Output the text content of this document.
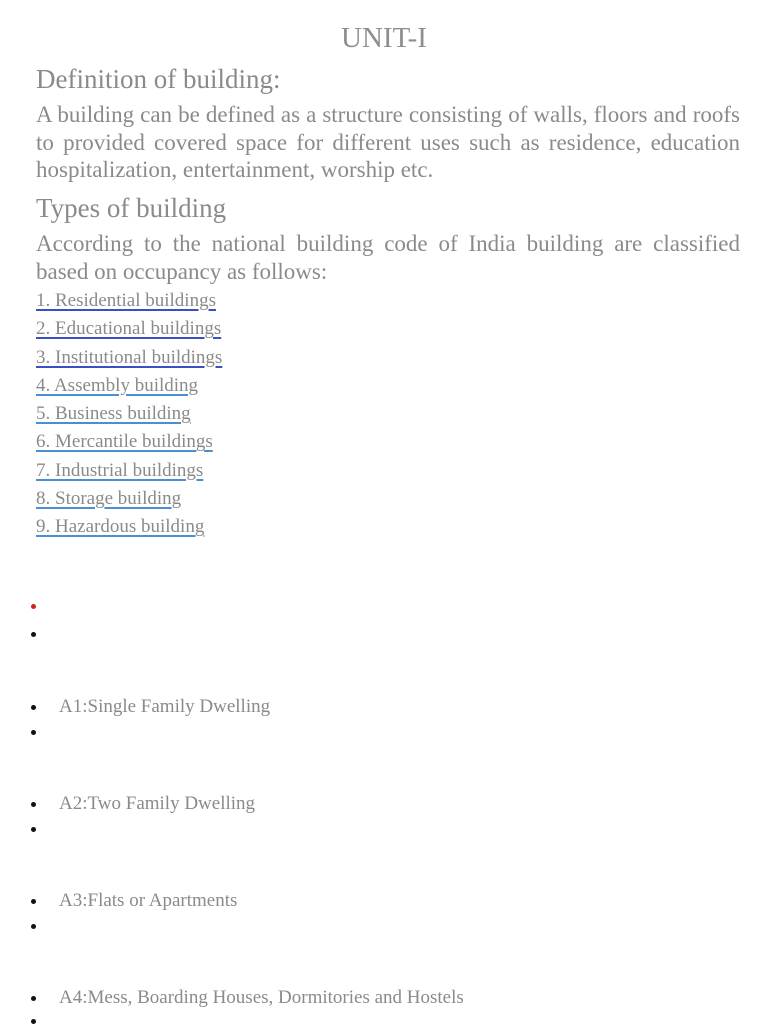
UNIT-I
Definition of building:
A building can be defined as a structure consisting of walls, floors and roofs to provided covered space for different uses such as residence, education hospitalization, entertainment, worship etc.
Types of building
According to the national building code of India building are classified based on occupancy as follows:
1. Residential buildings
2. Educational buildings
3. Institutional buildings
4. Assembly building
5. Business building
6. Mercantile buildings
7. Industrial buildings
8. Storage building
9. Hazardous building
A1:Single Family Dwelling
A2:Two Family Dwelling
A3:Flats or Apartments
A4:Mess, Boarding Houses, Dormitories and Hostels
